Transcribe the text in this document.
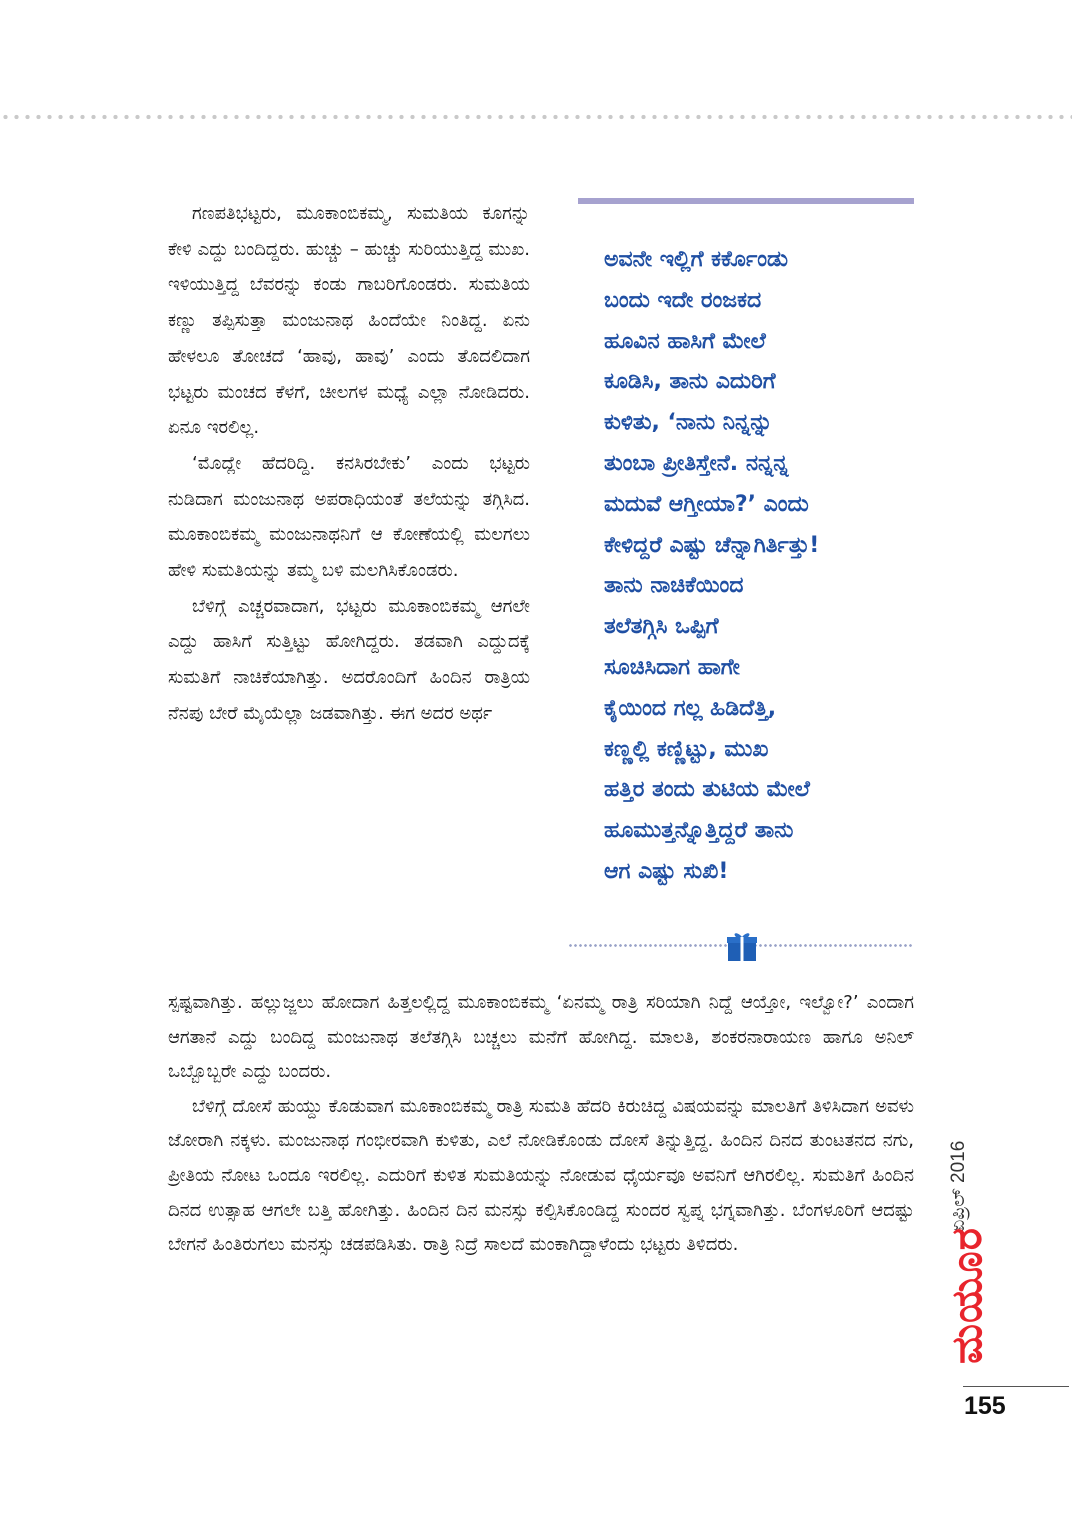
ಗಣಪತಿಭಟ್ಟರು, ಮೂಕಾಂಬಿಕಮ್ಮ, ಸುಮತಿಯ ಕೂಗನ್ನು ಕೇಳಿ ಎದ್ದು ಬಂದಿದ್ದರು. ಹುಚ್ಚು – ಹುಚ್ಚು ಸುರಿಯುತ್ತಿದ್ದ ಮುಖ. ಇಳಿಯುತ್ತಿದ್ದ ಬೆವರನ್ನು ಕಂಡು ಗಾಬರಿಗೊಂಡರು. ಸುಮತಿಯ ಕಣ್ಣು ತಪ್ಪಿಸುತ್ತಾ ಮಂಜುನಾಥ ಹಿಂದೆಯೇ ನಿಂತಿದ್ದ. ಏನು ಹೇಳಲೂ ತೋಚದೆ ‘ಹಾವು, ಹಾವು’ ಎಂದು ತೊದಲಿದಾಗ ಭಟ್ಟರು ಮಂಚದ ಕೆಳಗೆ, ಚೀಲಗಳ ಮಧ್ಯೆ ಎಲ್ಲಾ ನೋಡಿದರು. ಏನೂ ಇರಲಿಲ್ಲ.

‘ಮೊದ್ಲೇ ಹೆದರಿದ್ದಿ. ಕನಸಿರಬೇಕು’ ಎಂದು ಭಟ್ಟರು ನುಡಿದಾಗ ಮಂಜುನಾಥ ಅಪರಾಧಿಯಂತೆ ತಲೆಯನ್ನು ತಗ್ಗಿಸಿದ. ಮೂಕಾಂಬಿಕಮ್ಮ ಮಂಜುನಾಥನಿಗೆ ಆ ಕೋಣೆಯಲ್ಲಿ ಮಲಗಲು ಹೇಳಿ ಸುಮತಿಯನ್ನು ತಮ್ಮ ಬಳಿ ಮಲಗಿಸಿಕೊಂಡರು.

ಬೆಳಿಗ್ಗೆ ಎಚ್ಚರವಾದಾಗ, ಭಟ್ಟರು ಮೂಕಾಂಬಿಕಮ್ಮ ಆಗಲೇ ಎದ್ದು ಹಾಸಿಗೆ ಸುತ್ತಿಟ್ಟು ಹೋಗಿದ್ದರು. ತಡವಾಗಿ ಎದ್ದುದಕ್ಕೆ ಸುಮತಿಗೆ ನಾಚಿಕೆಯಾಗಿತ್ತು. ಅದರೊಂದಿಗೆ ಹಿಂದಿನ ರಾತ್ರಿಯ ನೆನಪು ಬೇರೆ ಮೈಯೆಲ್ಲಾ ಜಡವಾಗಿತ್ತು. ಈಗ ಅದರ ಅರ್ಥ

ಅವನೇ ಇಲ್ಲಿಗೆ ಕರ್ಕೊಂಡು
ಬಂದು ಇದೇ ರಂಜಕದ
ಹೂವಿನ ಹಾಸಿಗೆ ಮೇಲೆ
ಕೂಡಿಸಿ, ತಾನು ಎದುರಿಗೆ
ಕುಳಿತು, ‘ನಾನು ನಿನ್ನನ್ನು
ತುಂಬಾ ಪ್ರೀತಿಸ್ತೇನೆ. ನನ್ನನ್ನ
ಮದುವೆ ಆಗ್ತೀಯಾ?’ ಎಂದು
ಕೇಳಿದ್ದರೆ ಎಷ್ಟು ಚೆನ್ನಾಗಿರ್ತಿತ್ತು!
ತಾನು ನಾಚಿಕೆಯಿಂದ
ತಲೆತಗ್ಗಿಸಿ ಒಪ್ಪಿಗೆ
ಸೂಚಿಸಿದಾಗ ಹಾಗೇ
ಕೈಯಿಂದ ಗಲ್ಲ ಹಿಡಿದೆತ್ತಿ,
ಕಣ್ಣಲ್ಲಿ ಕಣ್ಣಿಟ್ಟು, ಮುಖ
ಹತ್ತಿರ ತಂದು ತುಟಿಯ ಮೇಲೆ
ಹೂಮುತ್ತನ್ನೊತ್ತಿದ್ದರೆ ತಾನು
ಆಗ ಎಷ್ಟು ಸುಖಿ!

ಸ್ಪಷ್ಟವಾಗಿತ್ತು. ಹಲ್ಲುಜ್ಜಲು ಹೋದಾಗ ಹಿತ್ತಲಲ್ಲಿದ್ದ ಮೂಕಾಂಬಿಕಮ್ಮ ‘ಏನಮ್ಮ ರಾತ್ರಿ ಸರಿಯಾಗಿ ನಿದ್ದೆ ಆಯ್ತೋ, ಇಲ್ವೋ?’ ಎಂದಾಗ ಆಗತಾನೆ ಎದ್ದು ಬಂದಿದ್ದ ಮಂಜುನಾಥ ತಲೆತಗ್ಗಿಸಿ ಬಚ್ಚಲು ಮನೆಗೆ ಹೋಗಿದ್ದ. ಮಾಲತಿ, ಶಂಕರನಾರಾಯಣ ಹಾಗೂ ಅನಿಲ್ ಒಬ್ಬೊಬ್ಬರೇ ಎದ್ದು ಬಂದರು.

ಬೆಳಿಗ್ಗೆ ದೋಸೆ ಹುಯ್ದು ಕೊಡುವಾಗ ಮೂಕಾಂಬಿಕಮ್ಮ ರಾತ್ರಿ ಸುಮತಿ ಹೆದರಿ ಕಿರುಚಿದ್ದ ವಿಷಯವನ್ನು ಮಾಲತಿಗೆ ತಿಳಿಸಿದಾಗ ಅವಳು ಜೋರಾಗಿ ನಕ್ಕಳು. ಮಂಜುನಾಥ ಗಂಭೀರವಾಗಿ ಕುಳಿತು, ಎಲೆ ನೋಡಿಕೊಂಡು ದೋಸೆ ತಿನ್ನುತ್ತಿದ್ದ. ಹಿಂದಿನ ದಿನದ ತುಂಟತನದ ನಗು, ಪ್ರೀತಿಯ ನೋಟ ಒಂದೂ ಇರಲಿಲ್ಲ. ಎದುರಿಗೆ ಕುಳಿತ ಸುಮತಿಯನ್ನು ನೋಡುವ ಧೈರ್ಯವೂ ಅವನಿಗೆ ಆಗಿರಲಿಲ್ಲ. ಸುಮತಿಗೆ ಹಿಂದಿನ ದಿನದ ಉತ್ಸಾಹ ಆಗಲೇ ಬತ್ತಿ ಹೋಗಿತ್ತು. ಹಿಂದಿನ ದಿನ ಮನಸ್ಸು ಕಲ್ಪಿಸಿಕೊಂಡಿದ್ದ ಸುಂದರ ಸ್ವಪ್ನ ಭಗ್ನವಾಗಿತ್ತು. ಬೆಂಗಳೂರಿಗೆ ಆದಷ್ಟು ಬೇಗನೆ ಹಿಂತಿರುಗಲು ಮನಸ್ಸು ಚಡಪಡಿಸಿತು. ರಾತ್ರಿ ನಿದ್ರೆ ಸಾಲದೆ ಮಂಕಾಗಿದ್ದಾಳೆಂದು ಭಟ್ಟರು ತಿಳಿದರು.

ಏಪ್ರಿಲ್ 2016
ಮಯೂರ
155
